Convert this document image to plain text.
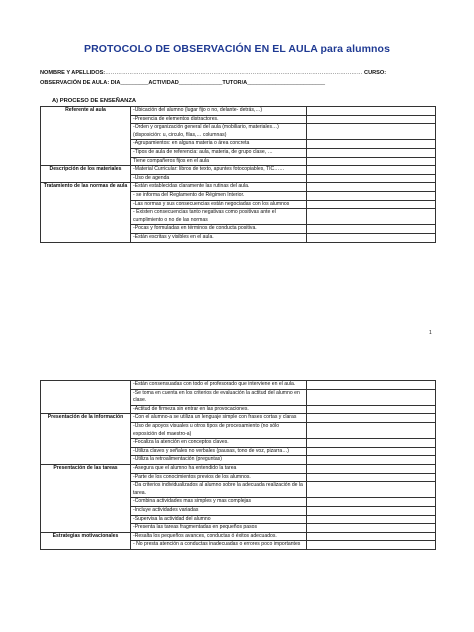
PROTOCOLO DE OBSERVACIÓN EN EL AULA para alumnos
NOMBRE Y APELLIDOS:………………………………………………………………………………………………………………………… CURSO:
OBSERVACIÓN DE AULA: DIA_________ACTIVIDAD______________TUTOR/A_________________________
A) PROCESO DE ENSEÑANZA
Referente al aula	-Ubicación del alumno (lugar fijo o no, delante- detrás,…)	
	-Presencia de elementos distractores.	
	-Orden y organización general del aula (mobiliario, materiales…)(disposición: u, circulo, filas,… columnas)	
	-Agrupamientos: en alguna materia o área concreta	
	-Tipos de aula de referencia: aula, materia, de grupo clase, …	
	Tiene compañeros fijos en el aula	
Descripción de los materiales	-Material Curricular: libros de texto, apuntes fotocopiables, TIC……	
	-Uso de agenda	
Tratamiento de las normas de aula	-Están establecidas claramente las rutinas del aula.	
	- se informa del Reglamento de Régimen Interior.	
	-Las normas y sus consecuencias están negociadas con los alumnos	
	- Existen consecuencias tanto negativas como positivas ante el cumplimiento o no de las normas	
	-Pocas y formuladas en términos de conducta positiva.	
	-Están escritas y visibles en el aula.	
1
	-Están consensuadas con todo el profesorado que interviene en el aula.	
	-Se toma en cuenta en los criterios de evaluación la actitud del alumno en clase.	
	-Actitud de firmeza sin entrar en las provocaciones.	
Presentación de la información	-Con el alumno-a se utiliza un lenguaje simple con frases cortas y claras	
	-Uso de apoyos visuales u otros tipos de procesamiento (no sólo exposición del maestro-a)	
	-Focaliza la atención en conceptos claves.	
	-Utiliza claves y señales no verbales (pausas, tono de voz, pizarra…)	
	-Utiliza la retroalimentación (preguntas)	
Presentación de las tareas	-Asegura que el alumno ha entendido la tarea	
	-Parte de los conocimientos previos de los alumnos.	
	-Da criterios individualizados al alumno sobre la adecuada realización de la tarea.	
	-Combina actividades mas simples y mas complejas	
	-Incluye actividades variadas	
	-Supervisa la actividad del alumno	
	-Presenta las tareas fragmentadas en pequeños pasos	
Estrategias motivacionales	-Resalta los pequeños avances, conductas ó éxitos adecuados.	
	- No presta atención a conductas inadecuadas o errores poco importantes	
